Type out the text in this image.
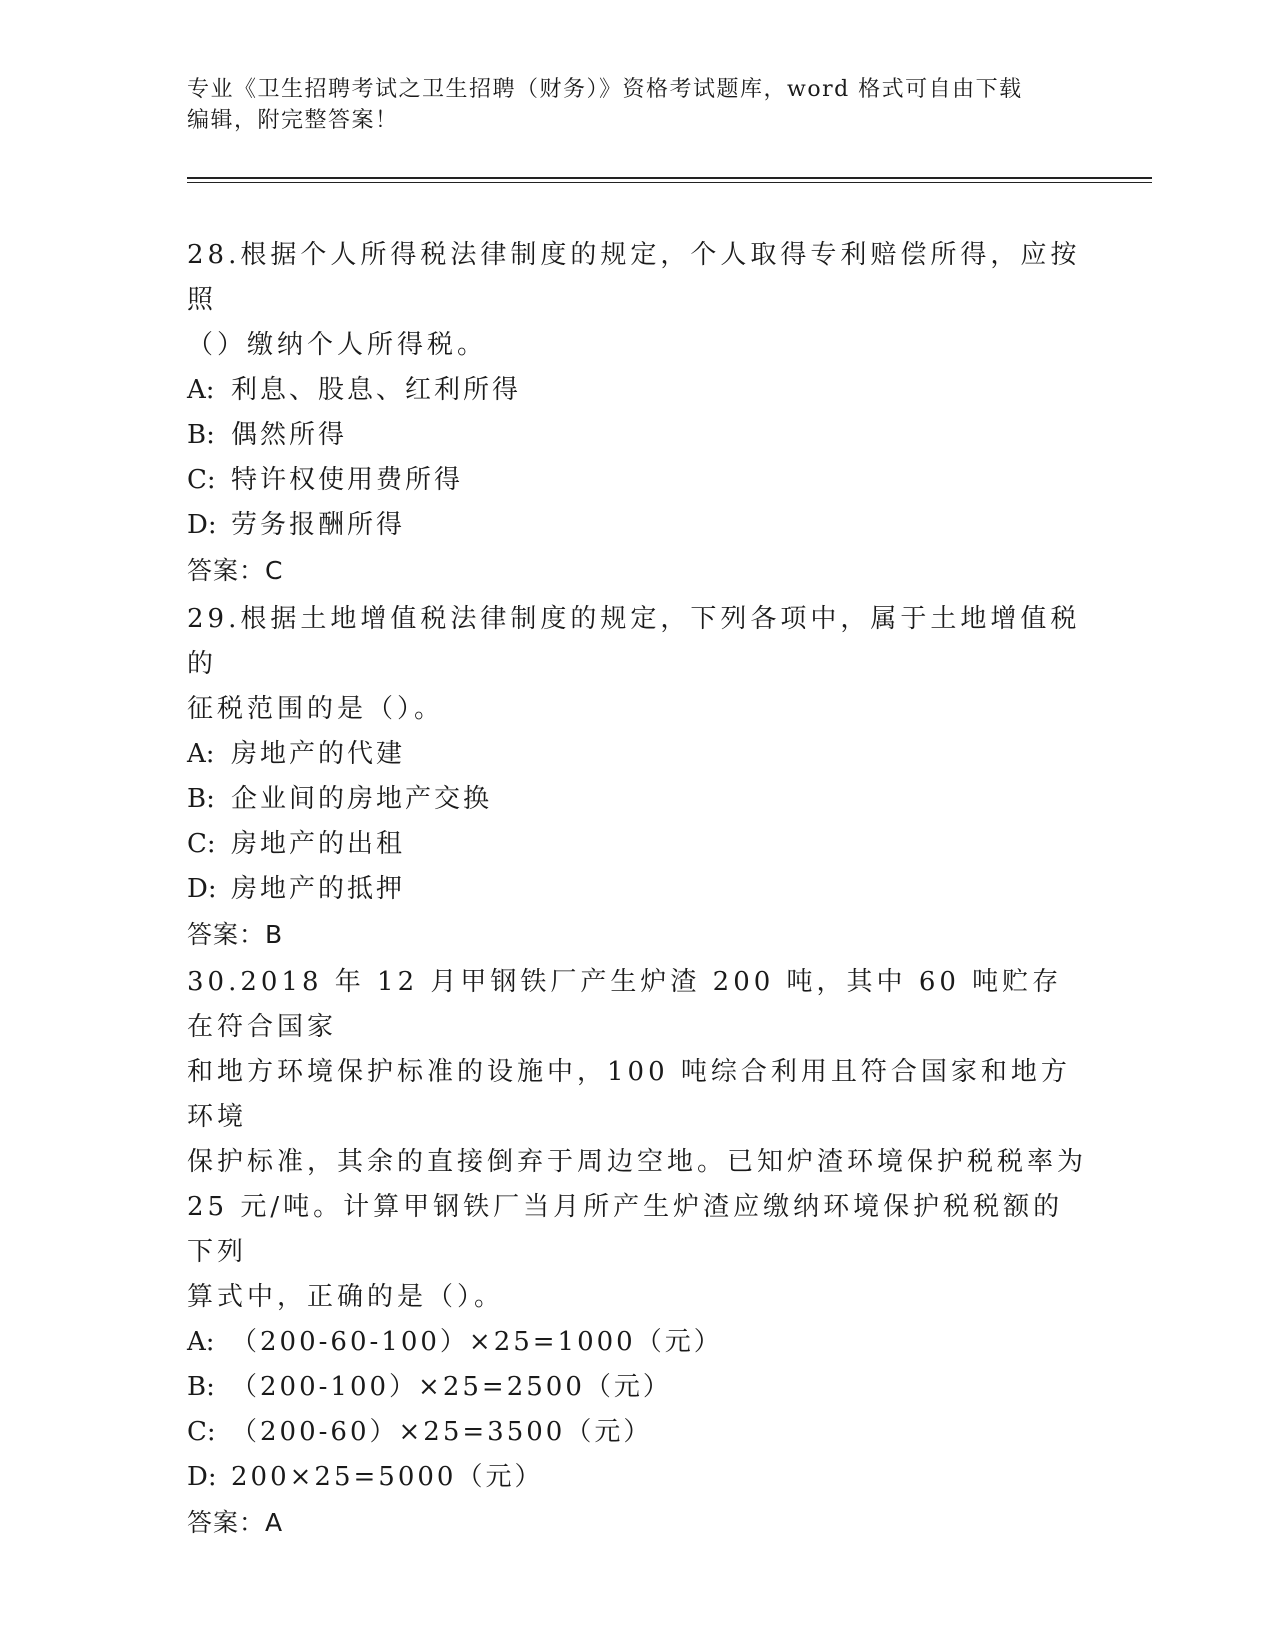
专业《卫生招聘考试之卫生招聘（财务）》资格考试题库，word 格式可自由下载
编辑，附完整答案！

28.根据个人所得税法律制度的规定，个人取得专利赔偿所得，应按照

（）缴纳个人所得税。

A: 利息、股息、红利所得

B: 偶然所得

C: 特许权使用费所得

D: 劳务报酬所得

答案：C

29.根据土地增值税法律制度的规定，下列各项中，属于土地增值税的

征税范围的是（）。

A: 房地产的代建

B: 企业间的房地产交换

C: 房地产的出租

D: 房地产的抵押

答案：B

30.2018 年 12 月甲钢铁厂产生炉渣 200 吨，其中 60 吨贮存在符合国家

和地方环境保护标准的设施中，100 吨综合利用且符合国家和地方环境

保护标准，其余的直接倒弃于周边空地。已知炉渣环境保护税税率为

25 元/吨。计算甲钢铁厂当月所产生炉渣应缴纳环境保护税税额的下列

算式中，正确的是（）。

A: （200-60-100）×25=1000（元）

B: （200-100）×25=2500（元）

C: （200-60）×25=3500（元）

D: 200×25=5000（元）

答案：A
